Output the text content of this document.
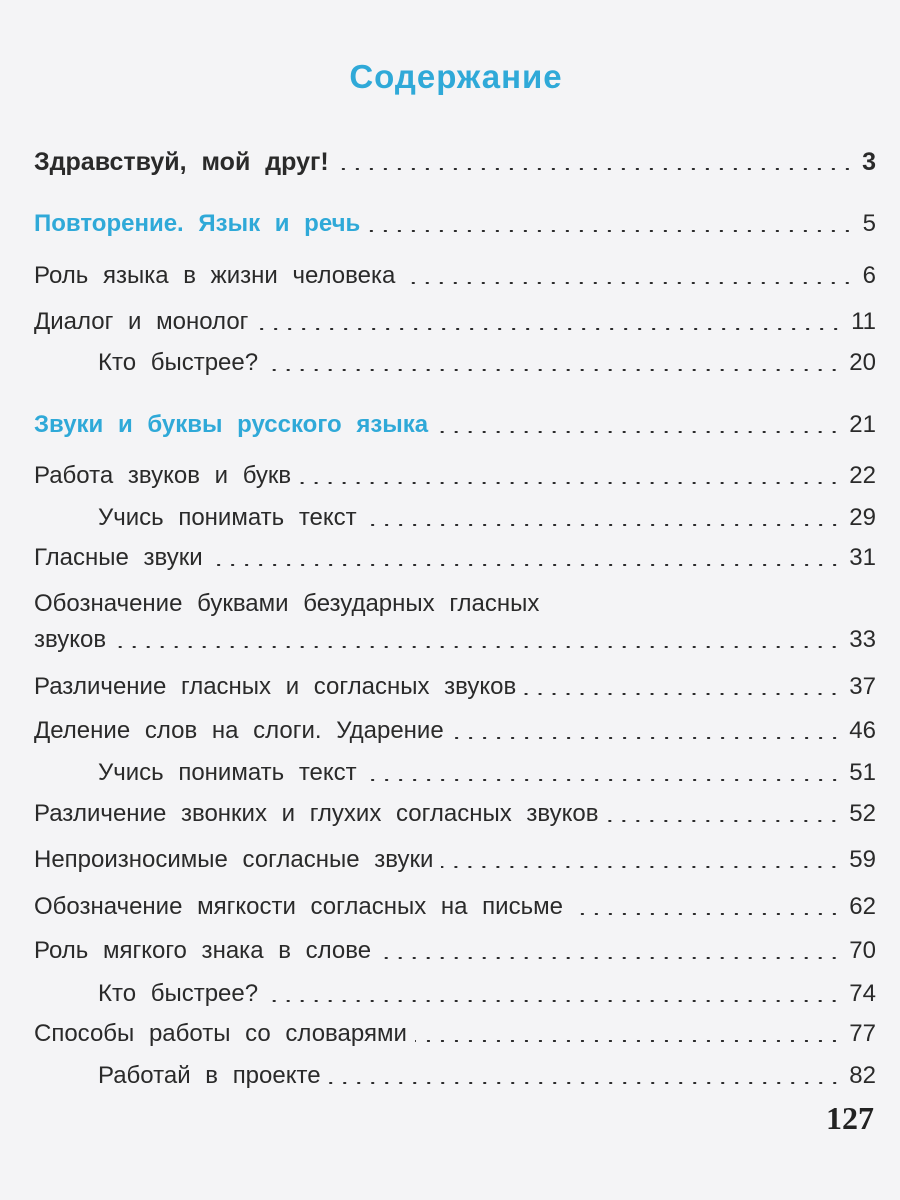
Содержание
Здравствуй, мой друг!	3
Повторение. Язык и речь	5
Роль языка в жизни человека	6
Диалог и монолог	11
Кто быстрее?	20
Звуки и буквы русского языка	21
Работа звуков и букв	22
Учись понимать текст	29
Гласные звуки	31
Обозначение буквами безударных гласных
звуков	33
Различение гласных и согласных звуков	37
Деление слов на слоги. Ударение	46
Учись понимать текст	51
Различение звонких и глухих согласных звуков	52
Непроизносимые согласные звуки	59
Обозначение мягкости согласных на письме	62
Роль мягкого знака в слове	70
Кто быстрее?	74
Способы работы со словарями	77
Работай в проекте	82
127
